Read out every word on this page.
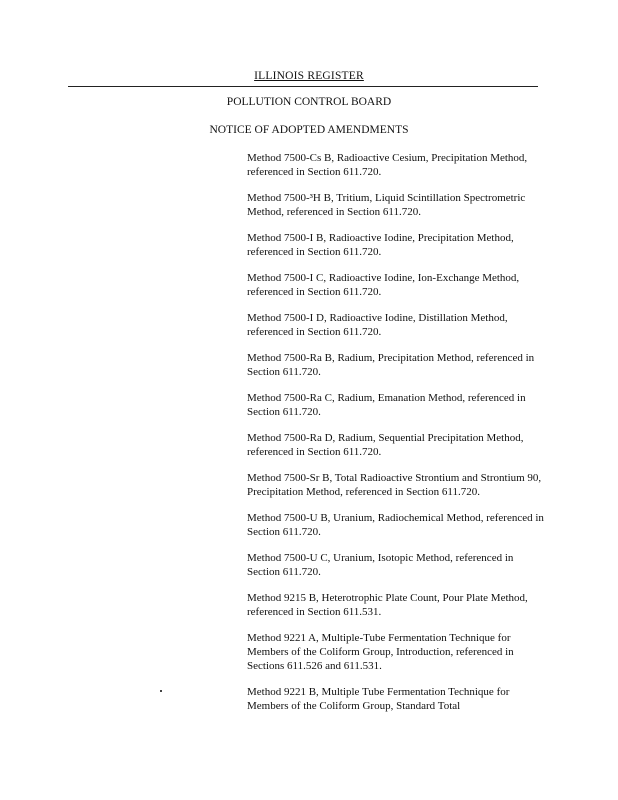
ILLINOIS REGISTER
POLLUTION CONTROL BOARD
NOTICE OF ADOPTED AMENDMENTS
Method 7500-Cs B, Radioactive Cesium, Precipitation Method, referenced in Section 611.720.
Method 7500-³H B, Tritium, Liquid Scintillation Spectrometric Method, referenced in Section 611.720.
Method 7500-I B, Radioactive Iodine, Precipitation Method, referenced in Section 611.720.
Method 7500-I C, Radioactive Iodine, Ion-Exchange Method, referenced in Section 611.720.
Method 7500-I D, Radioactive Iodine, Distillation Method, referenced in Section 611.720.
Method 7500-Ra B, Radium, Precipitation Method, referenced in Section 611.720.
Method 7500-Ra C, Radium, Emanation Method, referenced in Section 611.720.
Method 7500-Ra D, Radium, Sequential Precipitation Method, referenced in Section 611.720.
Method 7500-Sr B, Total Radioactive Strontium and Strontium 90, Precipitation Method, referenced in Section 611.720.
Method 7500-U B, Uranium, Radiochemical Method, referenced in Section 611.720.
Method 7500-U C, Uranium, Isotopic Method, referenced in Section 611.720.
Method 9215 B, Heterotrophic Plate Count, Pour Plate Method, referenced in Section 611.531.
Method 9221 A, Multiple-Tube Fermentation Technique for Members of the Coliform Group, Introduction, referenced in Sections 611.526 and 611.531.
Method 9221 B, Multiple Tube Fermentation Technique for Members of the Coliform Group, Standard Total
